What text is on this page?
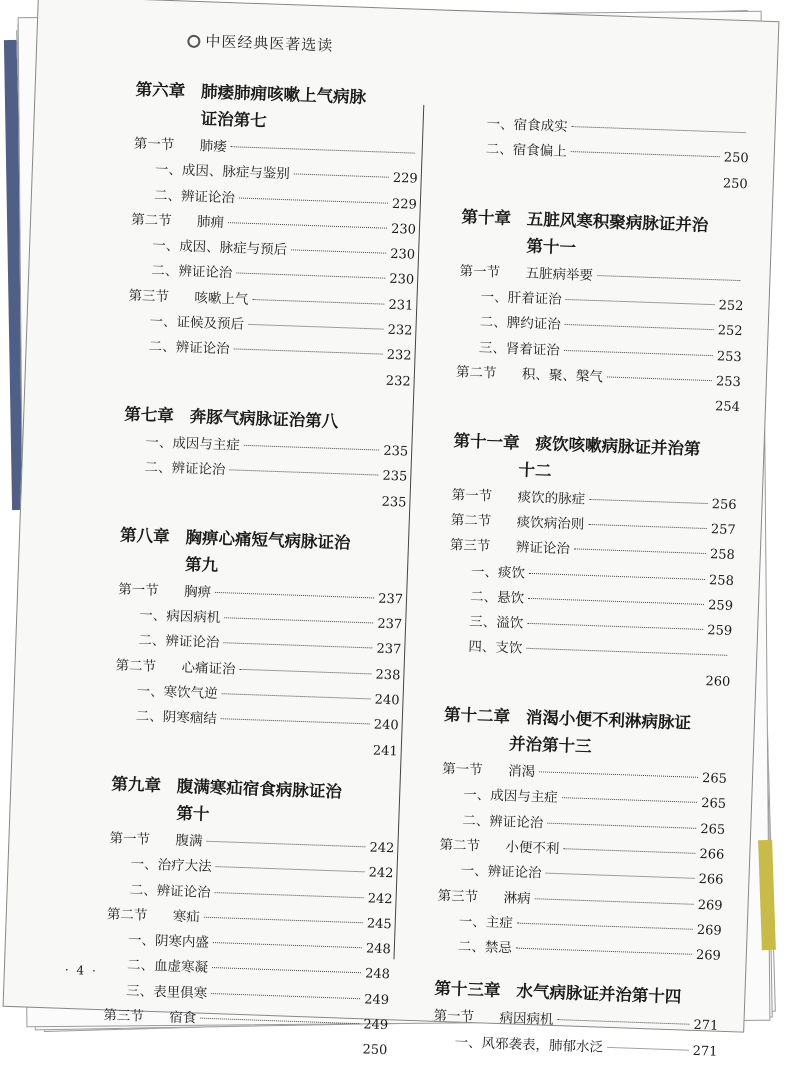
中医经典医著选读
第六章 肺痿肺痈咳嗽上气病脉
证治第七
第一节	肺痿
一、成因、脉症与鉴别	229
二、辨证论治	229
第二节	肺痈	230
一、成因、脉症与预后	230
二、辨证论治	230
第三节	咳嗽上气	231
一、证候及预后	232
二、辨证论治	232
232
第七章 奔豚气病脉证治第八
一、成因与主症	235
二、辨证论治	235
235
第八章 胸痹心痛短气病脉证治
第九
第一节	胸痹	237
一、病因病机	237
二、辨证论治	237
第二节	心痛证治	238
一、寒饮气逆	240
二、阴寒痼结	240
241
第九章 腹满寒疝宿食病脉证治
第十
第一节	腹满	242
一、治疗大法	242
二、辨证论治	242
第二节	寒疝	245
一、阴寒内盛	248
二、血虚寒凝	248
三、表里俱寒	249
第三节	宿食	249
250
一、宿食成实
二、宿食偏上	250
250
第十章 五脏风寒积聚病脉证并治
第十一
第一节	五脏病举要
一、肝着证治	252
二、脾约证治	252
三、肾着证治	253
第二节	积、聚、槃气	253
254
第十一章 痰饮咳嗽病脉证并治第
十二
第一节	痰饮的脉症	256
第二节	痰饮病治则	257
第三节	辨证论治	258
一、痰饮	258
二、悬饮	259
三、溢饮	259
四、支饮
260
第十二章 消渴小便不利淋病脉证
并治第十三
第一节	消渴	265
一、成因与主症	265
二、辨证论治	265
第二节	小便不利	266
一、辨证论治	266
第三节	淋病	269
一、主症	269
二、禁忌	269
第十三章 水气病脉证并治第十四
第一节	病因病机	271
一、风邪袭表，肺郁水泛	271
· 4 ·
